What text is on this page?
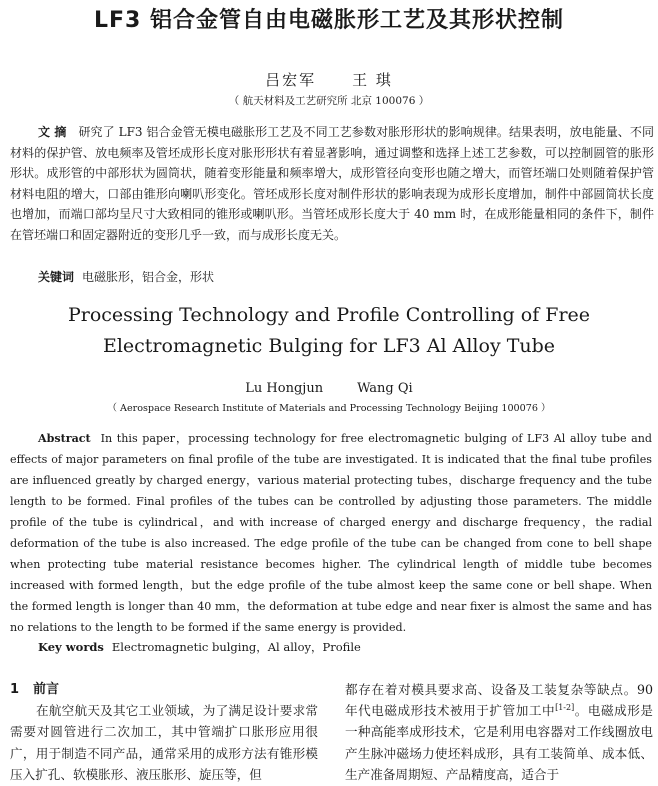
LF3 铝合金管自由电磁胀形工艺及其形状控制
吕宏军 王 琪
（ 航天材料及工艺研究所 北京 100076 ）
文 摘 研究了 LF3 铝合金管无模电磁胀形工艺及不同工艺参数对胀形形状的影响规律。结果表明，放电能量、不同材料的保护管、放电频率及管坯成形长度对胀形形状有着显著影响，通过调整和选择上述工艺参数，可以控制圆管的胀形形状。成形管的中部形状为圆筒状，随着变形能量和频率增大，成形管径向变形也随之增大，而管坯端口处则随着保护管材料电阻的增大，口部由锥形向喇叭形变化。管坯成形长度对制件形状的影响表现为成形长度增加，制件中部圆筒状长度也增加，而端口部均呈尺寸大致相同的锥形或喇叭形。当管坯成形长度大于 40 mm 时，在成形能量相同的条件下，制件在管坯端口和固定器附近的变形几乎一致，而与成形长度无关。
关键词 电磁胀形，铝合金，形状
Processing Technology and Profile Controlling of Free
Electromagnetic Bulging for LF3 Al Alloy Tube
Lu Hongjun	Wang Qi
（ Aerospace Research Institute of Materials and Processing Technology Beijing 100076 ）
Abstract In this paper，processing technology for free electromagnetic bulging of LF3 Al alloy tube and effects of major parameters on final profile of the tube are investigated. It is indicated that the final tube profiles are influenced greatly by charged energy，various material protecting tubes，discharge frequency and the tube length to be formed. Final profiles of the tubes can be controlled by adjusting those parameters. The middle profile of the tube is cylindrical，and with increase of charged energy and discharge frequency，the radial deformation of the tube is also increased. The edge profile of the tube can be changed from cone to bell shape when protecting tube material resistance becomes higher. The cylindrical length of middle tube becomes increased with formed length，but the edge profile of the tube almost keep the same cone or bell shape. When the formed length is longer than 40 mm，the deformation at tube edge and near fixer is almost the same and has no relations to the length to be formed if the same energy is provided.
Key words Electromagnetic bulging，Al alloy，Profile
1 前言
在航空航天及其它工业领域，为了满足设计要求常需要对圆管进行二次加工，其中管端扩口胀形应用很广，用于制造不同产品，通常采用的成形方法有锥形模压入扩孔、软模胀形、液压胀形、旋压等，但
都存在着对模具要求高、设备及工装复杂等缺点。90 年代电磁成形技术被用于扩管加工中[1-2]。电磁成形是一种高能率成形技术，它是利用电容器对工作线圈放电产生脉冲磁场力使坯料成形，具有工装简单、成本低、生产准备周期短、产品精度高，适合于
